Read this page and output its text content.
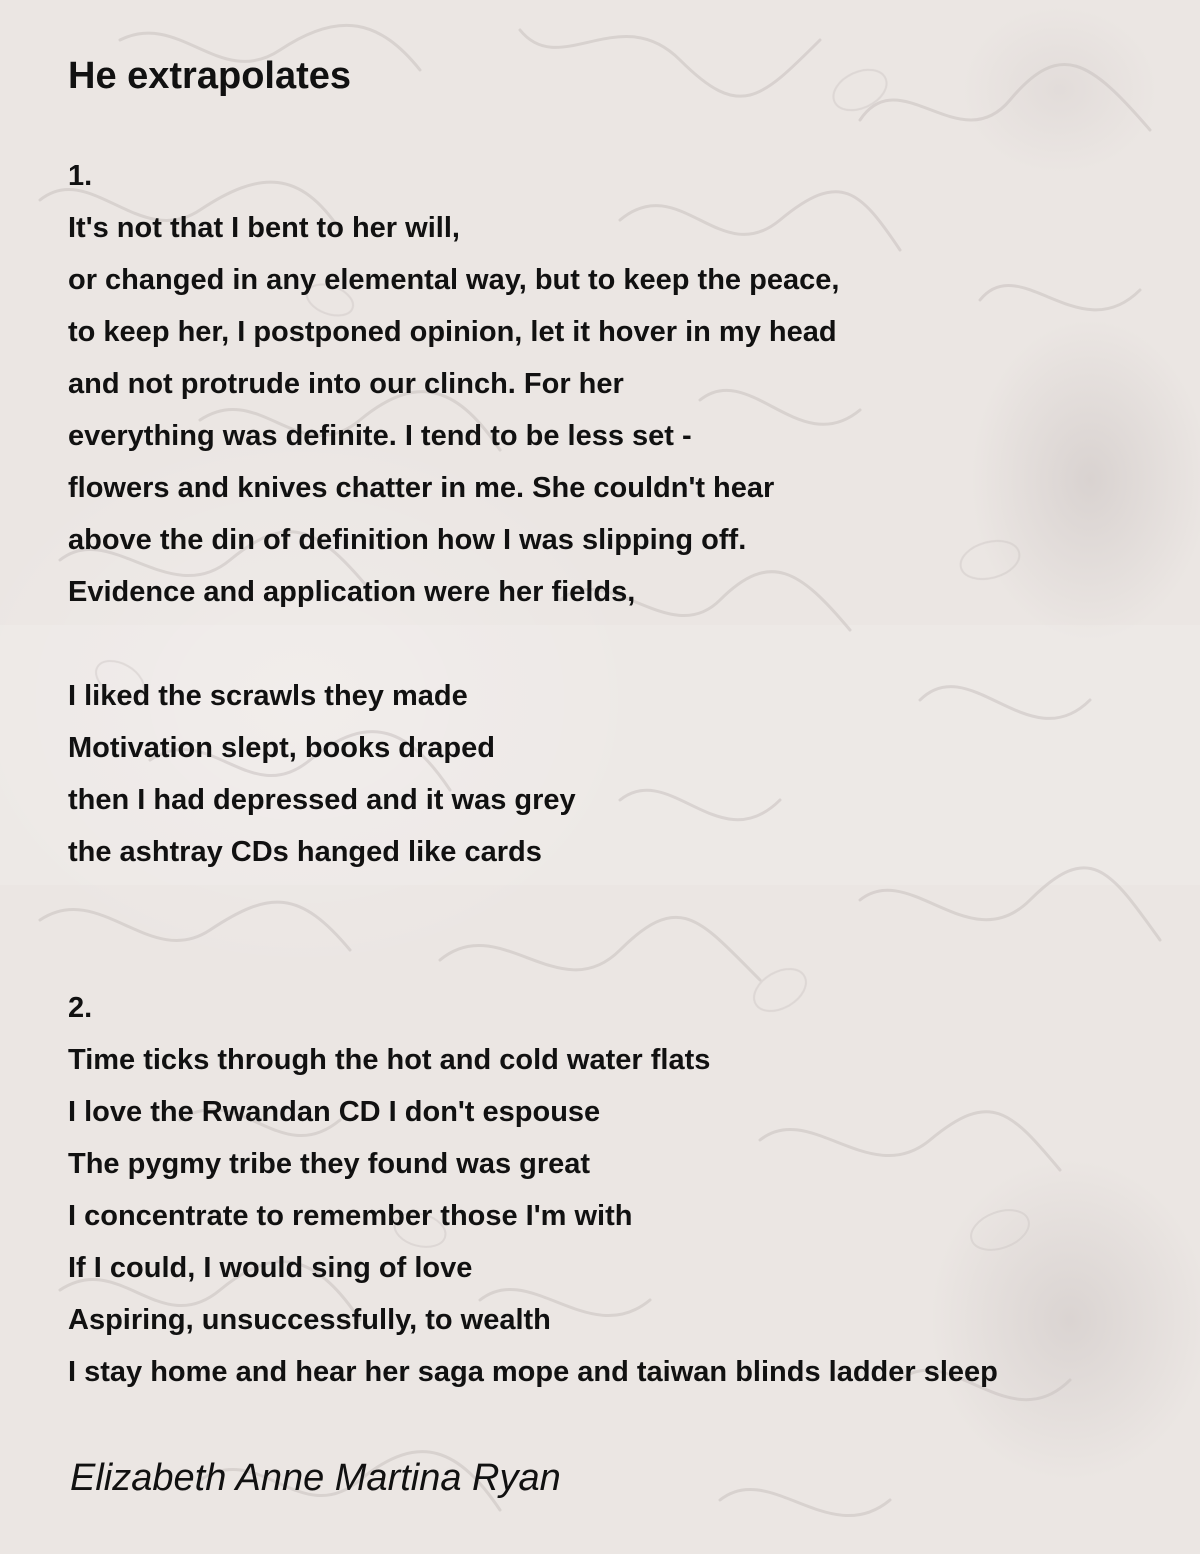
He extrapolates

1.

It's not that I bent to her will,

or changed in any elemental way, but to keep the peace,

to keep her, I postponed opinion, let it hover in my head

and not protrude into our clinch. For her

everything was definite. I tend to be less set -

flowers and knives chatter in me. She couldn't hear

above the din of definition how I was slipping off.

Evidence and application were her fields,

I liked the scrawls they made

Motivation slept, books draped

then I had depressed and it was grey

the ashtray CDs hanged like cards

2.

Time ticks through the hot and cold water flats

I love the Rwandan CD I don't espouse

The pygmy tribe they found was great

I concentrate to remember those I'm with

If I could, I would sing of love

Aspiring, unsuccessfully, to wealth

I stay home and hear her saga mope and taiwan blinds ladder sleep

Elizabeth Anne Martina Ryan
